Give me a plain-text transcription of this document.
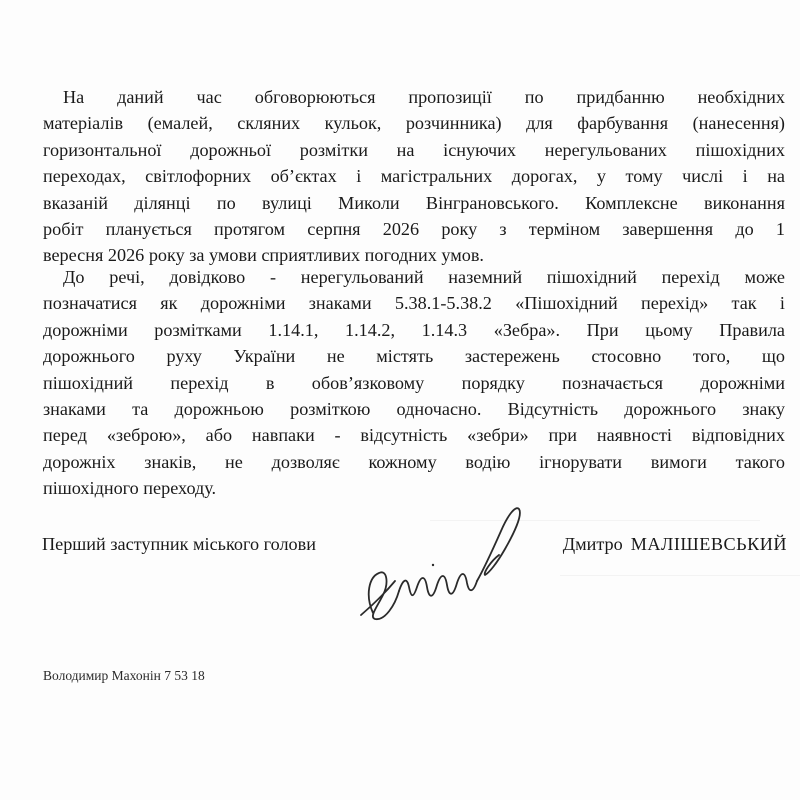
На даний час обговорюються пропозиції по придбанню необхідних
матеріалів (емалей, скляних кульок, розчинника) для фарбування (нанесення)
горизонтальної дорожньої розмітки на існуючих нерегульованих пішохідних
переходах, світлофорних об’єктах і магістральних дорогах, у тому числі і на
вказаній ділянці по вулиці Миколи Вінграновського. Комплексне виконання
робіт планується протягом серпня 2026 року з терміном завершення до 1
вересня 2026 року за умови сприятливих погодних умов.
До речі, довідково - нерегульований наземний пішохідний перехід може
позначатися як дорожніми знаками 5.38.1-5.38.2 «Пішохідний перехід» так і
дорожніми розмітками 1.14.1, 1.14.2, 1.14.3 «Зебра». При цьому Правила
дорожнього руху України не містять застережень стосовно того, що
пішохідний перехід в обов’язковому порядку позначається дорожніми
знаками та дорожньою розміткою одночасно. Відсутність дорожнього знаку
перед «зеброю», або навпаки - відсутність «зебри» при наявності відповідних
дорожніх знаків, не дозволяє кожному водію ігнорувати вимоги такого
пішохідного переходу.
Перший заступник міського голови	Дмитро МАЛІШЕВСЬКИЙ
Володимир Махонін 7 53 18
